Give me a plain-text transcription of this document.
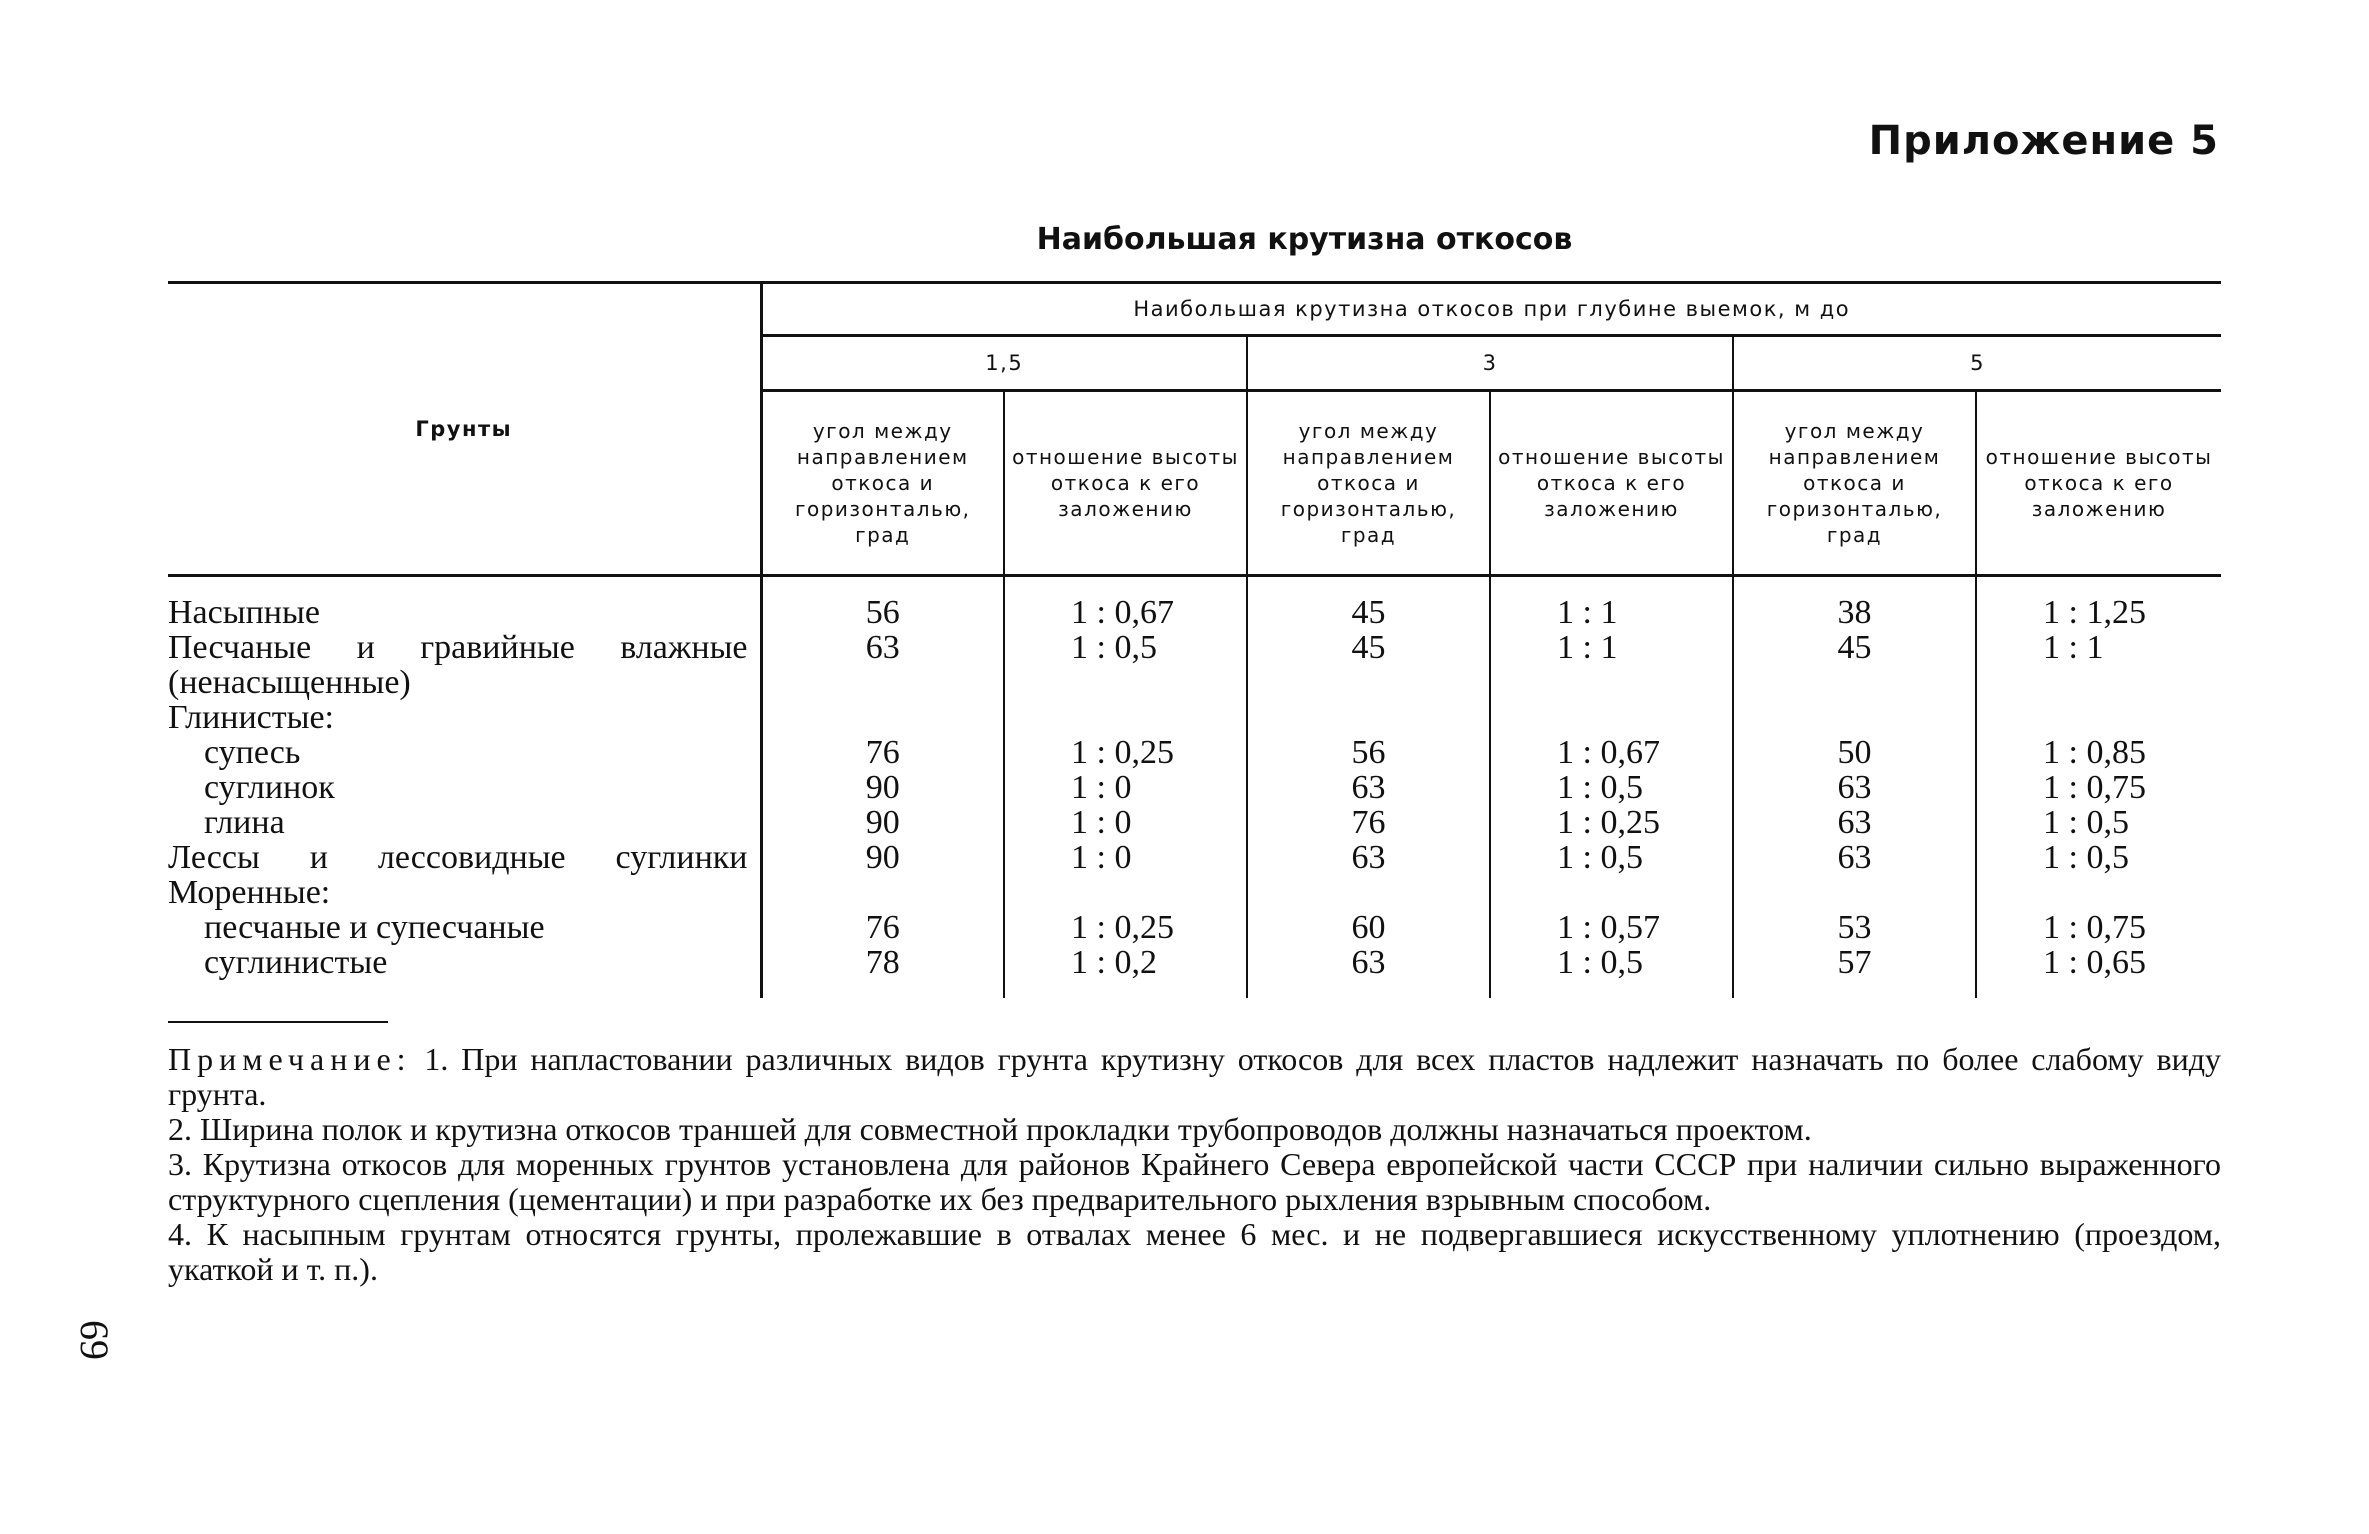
Приложение 5
Наибольшая крутизна откосов
Грунты	Наибольшая крутизна откосов при глубине выемок, м до					
	1,5		3		5	
	угол между направлением откоса и горизонталью, град	отношение высоты откоса к его заложению	угол между направлением откоса и горизонталью, град	отношение высоты откоса к его заложению	угол между направлением откоса и горизонталью, град	отношение высоты откоса к его заложению
Насыпные	56	1 : 0,67	45	1 : 1	38	1 : 1,25
Песчаные и гравийные влажные	63	1 : 0,5	45	1 : 1	45	1 : 1
(ненасыщенные)						
Глинистые:						
супесь	76	1 : 0,25	56	1 : 0,67	50	1 : 0,85
суглинок	90	1 : 0	63	1 : 0,5	63	1 : 0,75
глина	90	1 : 0	76	1 : 0,25	63	1 : 0,5
Лессы и лессовидные суглинки	90	1 : 0	63	1 : 0,5	63	1 : 0,5
Моренные:						
песчаные и супесчаные	76	1 : 0,25	60	1 : 0,57	53	1 : 0,75
суглинистые	78	1 : 0,2	63	1 : 0,5	57	1 : 0,65

Примечание: 1. При напластовании различных видов грунта крутизну откосов для всех пластов надлежит назначать по более слабому виду грунта.

2. Ширина полок и крутизна откосов траншей для совместной прокладки трубопроводов должны назначаться проектом.

3. Крутизна откосов для моренных грунтов установлена для районов Крайнего Севера европейской части СССР при наличии сильно выраженного структурного сцепления (цементации) и при разработке их без предварительного рыхления взрывным способом.

4. К насыпным грунтам относятся грунты, пролежавшие в отвалах менее 6 мес. и не подвергавшиеся искусственному уплотнению (проездом, укаткой и т. п.).

69
